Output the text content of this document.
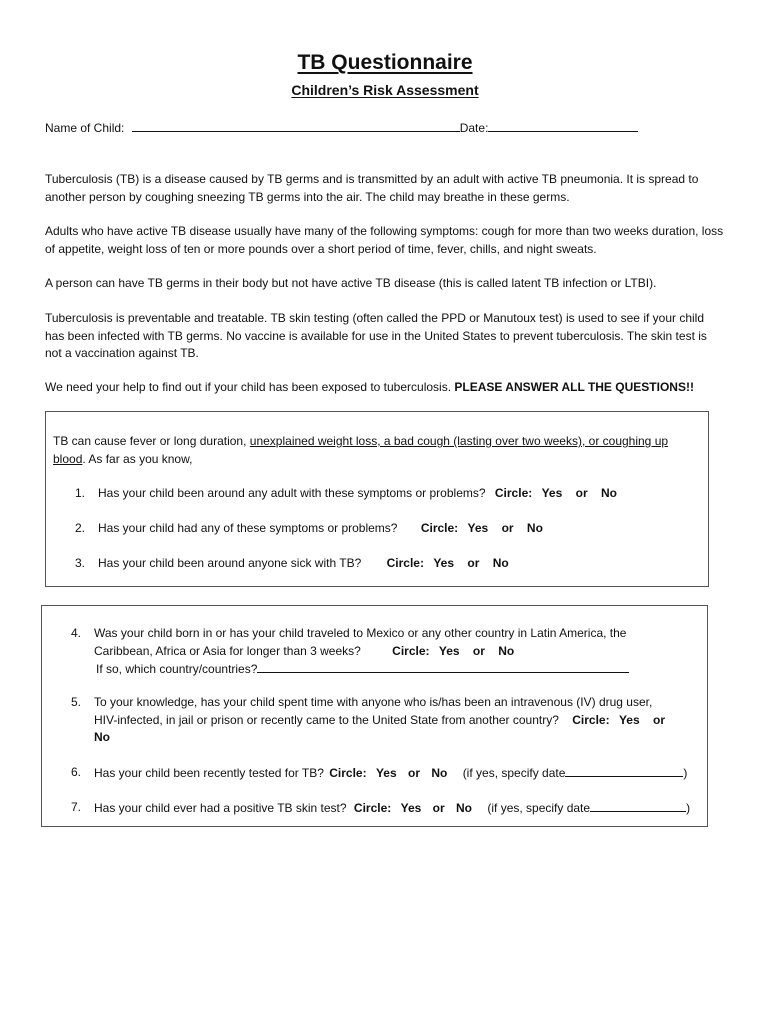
TB Questionnaire
Children’s Risk Assessment
Name of Child:	Date:

Tuberculosis (TB) is a disease caused by TB germs and is transmitted by an adult with active TB pneumonia. It is spread to another person by coughing sneezing TB germs into the air. The child may breathe in these germs.

Adults who have active TB disease usually have many of the following symptoms: cough for more than two weeks duration, loss of appetite, weight loss of ten or more pounds over a short period of time, fever, chills, and night sweats.

A person can have TB germs in their body but not have active TB disease (this is called latent TB infection or LTBI).

Tuberculosis is preventable and treatable. TB skin testing (often called the PPD or Manutoux test) is used to see if your child has been infected with TB germs. No vaccine is available for use in the United States to prevent tuberculosis. The skin test is not a vaccination against TB.

We need your help to find out if your child has been exposed to tuberculosis. PLEASE ANSWER ALL THE QUESTIONS!!

TB can cause fever or long duration, unexplained weight loss, a bad cough (lasting over two weeks), or coughing up
blood. As far as you know,
1. Has your child been around any adult with these symptoms or problems? Circle: Yes or No
2. Has your child had any of these symptoms or problems? Circle: Yes or No
3. Has your child been around anyone sick with TB? Circle: Yes or No
4. Was your child born in or has your child traveled to Mexico or any other country in Latin America, the
Caribbean, Africa or Asia for longer than 3 weeks?	Circle: Yes or No
If so, which country/countries?
5. To your knowledge, has your child spent time with anyone who is/has been an intravenous (IV) drug user,
HIV-infected, in jail or prison or recently came to the United State from another country? Circle: Yes or
No
6. Has your child been recently tested for TB? Circle: Yes or No (if yes, specify date	)
7. Has your child ever had a positive TB skin test? Circle: Yes or No (if yes, specify date	)
